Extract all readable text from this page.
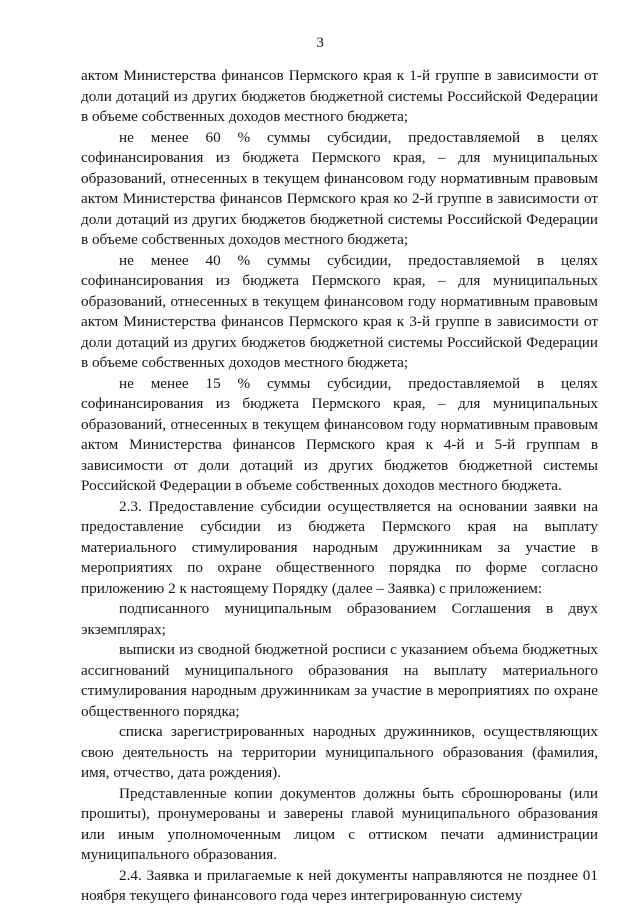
3

актом Министерства финансов Пермского края к 1-й группе в зависимости от доли дотаций из других бюджетов бюджетной системы Российской Федерации в объеме собственных доходов местного бюджета;

не менее 60 % суммы субсидии, предоставляемой в целях софинансирования из бюджета Пермского края, – для муниципальных образований, отнесенных в текущем финансовом году нормативным правовым актом Министерства финансов Пермского края ко 2-й группе в зависимости от доли дотаций из других бюджетов бюджетной системы Российской Федерации в объеме собственных доходов местного бюджета;

не менее 40 % суммы субсидии, предоставляемой в целях софинансирования из бюджета Пермского края, – для муниципальных образований, отнесенных в текущем финансовом году нормативным правовым актом Министерства финансов Пермского края к 3-й группе в зависимости от доли дотаций из других бюджетов бюджетной системы Российской Федерации в объеме собственных доходов местного бюджета;

не менее 15 % суммы субсидии, предоставляемой в целях софинансирования из бюджета Пермского края, – для муниципальных образований, отнесенных в текущем финансовом году нормативным правовым актом Министерства финансов Пермского края к 4-й и 5-й группам в зависимости от доли дотаций из других бюджетов бюджетной системы Российской Федерации в объеме собственных доходов местного бюджета.

2.3. Предоставление субсидии осуществляется на основании заявки на предоставление субсидии из бюджета Пермского края на выплату материального стимулирования народным дружинникам за участие в мероприятиях по охране общественного порядка по форме согласно приложению 2 к настоящему Порядку (далее – Заявка) с приложением:

подписанного муниципальным образованием Соглашения в двух экземплярах;

выписки из сводной бюджетной росписи с указанием объема бюджетных ассигнований муниципального образования на выплату материального стимулирования народным дружинникам за участие в мероприятиях по охране общественного порядка;

списка зарегистрированных народных дружинников, осуществляющих свою деятельность на территории муниципального образования (фамилия, имя, отчество, дата рождения).

Представленные копии документов должны быть сброшюрованы (или прошиты), пронумерованы и заверены главой муниципального образования или иным уполномоченным лицом с оттиском печати администрации муниципального образования.

2.4. Заявка и прилагаемые к ней документы направляются не позднее 01 ноября текущего финансового года через интегрированную систему
